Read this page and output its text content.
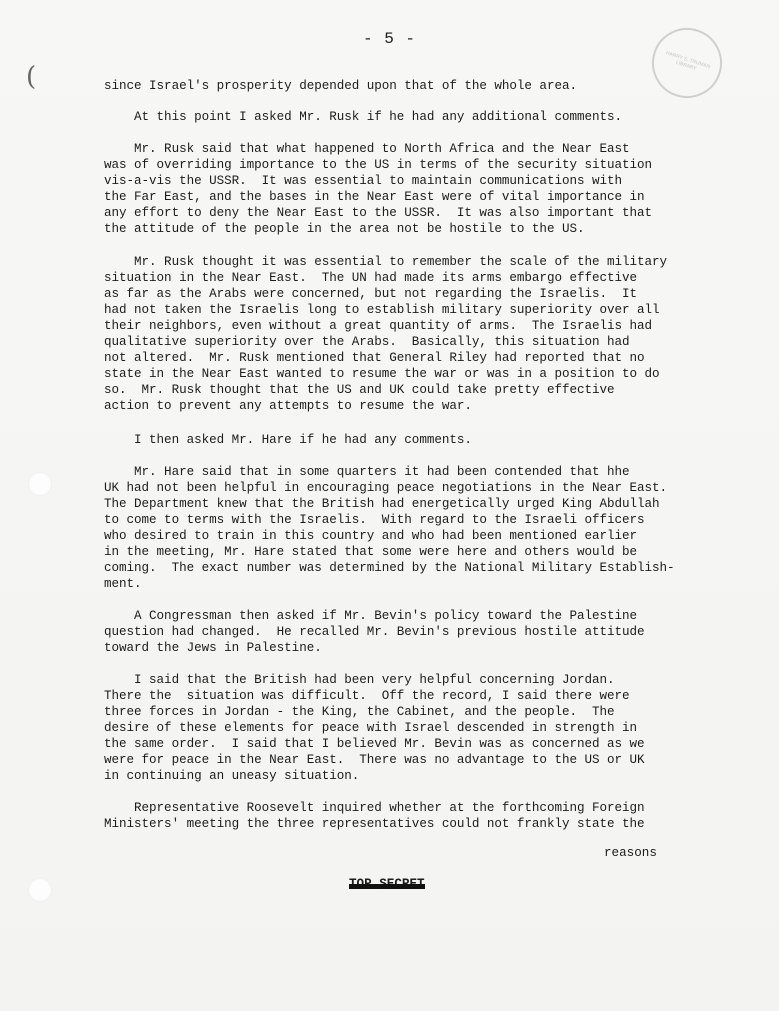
- 5 -
HARRY S. TRUMAN LIBRARY
(	since Israel's prosperity depended upon that of the whole area.
At this point I asked Mr. Rusk if he had any additional comments.
Mr. Rusk said that what happened to North Africa and the Near East
was of overriding importance to the US in terms of the security situation
vis-a-vis the USSR.  It was essential to maintain communications with
the Far East, and the bases in the Near East were of vital importance in
any effort to deny the Near East to the USSR.  It was also important that
the attitude of the people in the area not be hostile to the US.
Mr. Rusk thought it was essential to remember the scale of the military
situation in the Near East.  The UN had made its arms embargo effective
as far as the Arabs were concerned, but not regarding the Israelis.  It
had not taken the Israelis long to establish military superiority over all
their neighbors, even without a great quantity of arms.  The Israelis had
qualitative superiority over the Arabs.  Basically, this situation had
not altered.  Mr. Rusk mentioned that General Riley had reported that no
state in the Near East wanted to resume the war or was in a position to do
so.  Mr. Rusk thought that the US and UK could take pretty effective
action to prevent any attempts to resume the war.
I then asked Mr. Hare if he had any comments.
Mr. Hare said that in some quarters it had been contended that hhe
UK had not been helpful in encouraging peace negotiations in the Near East.
The Department knew that the British had energetically urged King Abdullah
to come to terms with the Israelis.  With regard to the Israeli officers
who desired to train in this country and who had been mentioned earlier
in the meeting, Mr. Hare stated that some were here and others would be
coming.  The exact number was determined by the National Military Establish-
ment.
A Congressman then asked if Mr. Bevin's policy toward the Palestine
question had changed.  He recalled Mr. Bevin's previous hostile attitude
toward the Jews in Palestine.
I said that the British had been very helpful concerning Jordan.
There the  situation was difficult.  Off the record, I said there were
three forces in Jordan - the King, the Cabinet, and the people.  The
desire of these elements for peace with Israel descended in strength in
the same order.  I said that I believed Mr. Bevin was as concerned as we
were for peace in the Near East.  There was no advantage to the US or UK
in continuing an uneasy situation.
Representative Roosevelt inquired whether at the forthcoming Foreign
Ministers' meeting the three representatives could not frankly state the
reasons
